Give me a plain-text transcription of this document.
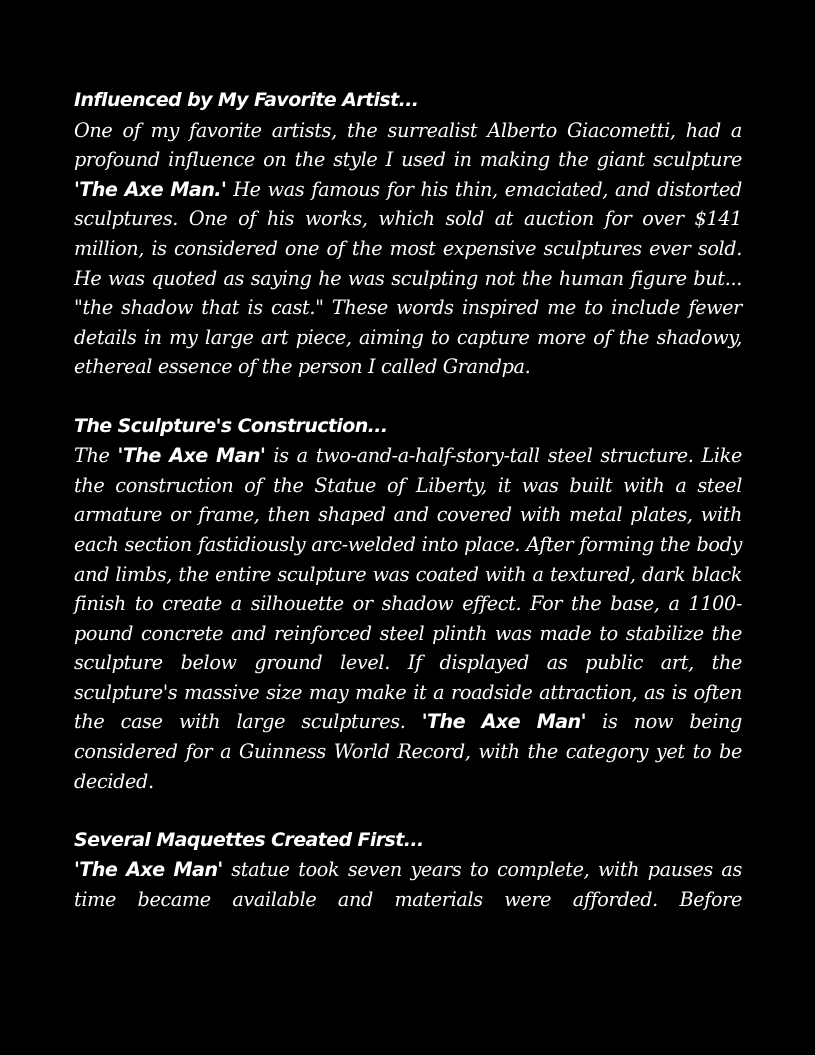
Influenced by My Favorite Artist...

One of my favorite artists, the surrealist Alberto Giacometti, had a profound influence on the style I used in making the giant sculpture 'The Axe Man.' He was famous for his thin, emaciated, and distorted sculptures. One of his works, which sold at auction for over $141 million, is considered one of the most expensive sculptures ever sold. He was quoted as saying he was sculpting not the human figure but... "the shadow that is cast." These words inspired me to include fewer details in my large art piece, aiming to capture more of the shadowy, ethereal essence of the person I called Grandpa.

The Sculpture's Construction...

The 'The Axe Man' is a two-and-a-half-story-tall steel structure. Like the construction of the Statue of Liberty, it was built with a steel armature or frame, then shaped and covered with metal plates, with each section fastidiously arc-welded into place. After forming the body and limbs, the entire sculpture was coated with a textured, dark black finish to create a silhouette or shadow effect. For the base, a 1100-pound concrete and reinforced steel plinth was made to stabilize the sculpture below ground level. If displayed as public art, the sculpture's massive size may make it a roadside attraction, as is often the case with large sculptures. 'The Axe Man' is now being considered for a Guinness World Record, with the category yet to be decided.

Several Maquettes Created First...

'The Axe Man' statue took seven years to complete, with pauses as time became available and materials were afforded. Before
